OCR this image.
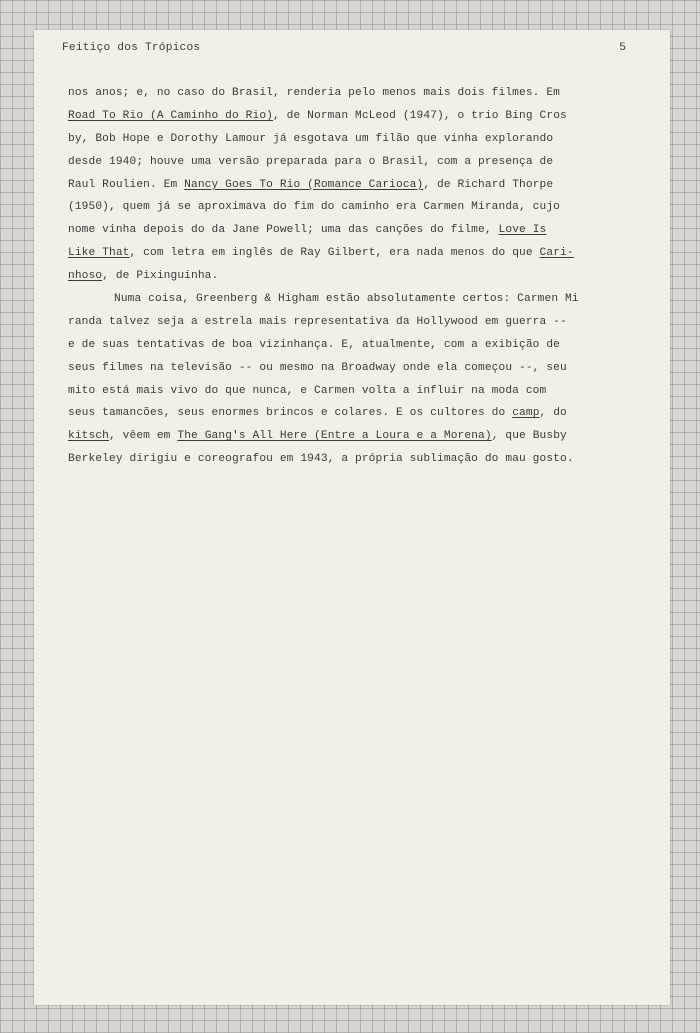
Feitiço dos Trópicos	5
nos anos; e, no caso do Brasil, renderia pelo menos mais dois filmes. Em
Road To Rio (A Caminho do Rio), de Norman McLeod (1947), o trio Bing Cros
by, Bob Hope e Dorothy Lamour já esgotava um filão que vinha explorando
desde 1940; houve uma versão preparada para o Brasil, com a presença de
Raul Roulien. Em Nancy Goes To Rio (Romance Carioca), de Richard Thorpe
(1950), quem já se aproximava do fim do caminho era Carmen Miranda, cujo
nome vinha depois do da Jane Powell; uma das canções do filme, Love Is
Like That, com letra em inglês de Ray Gilbert, era nada menos do que Cari-
nhoso, de Pixinguinha.
Numa coisa, Greenberg & Higham estão absolutamente certos: Carmen Mi
randa talvez seja a estrela mais representativa da Hollywood em guerra --
e de suas tentativas de boa vizinhança. E, atualmente, com a exibição de
seus filmes na televisão -- ou mesmo na Broadway onde ela começou --, seu
mito está mais vivo do que nunca, e Carmen volta a influir na moda com
seus tamancões, seus enormes brincos e colares. E os cultores do camp, do
kitsch, vêem em The Gang's All Here (Entre a Loura e a Morena), que Busby
Berkeley dirigiu e coreografou em 1943, a própria sublimação do mau gosto.
